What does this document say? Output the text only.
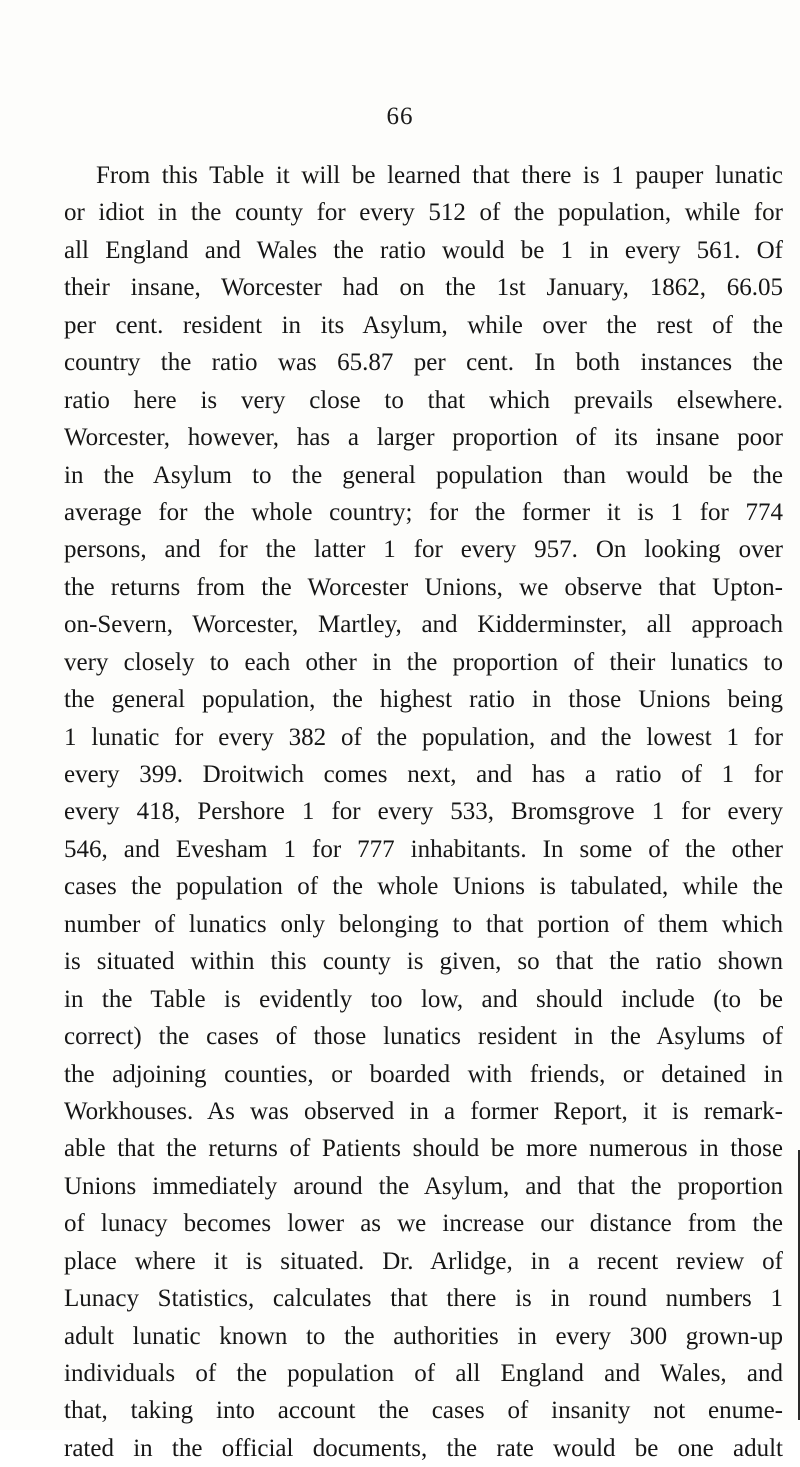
66
From this Table it will be learned that there is 1 pauper lunatic
or idiot in the county for every 512 of the population, while for
all England and Wales the ratio would be 1 in every 561. Of
their insane, Worcester had on the 1st January, 1862, 66.05
per cent. resident in its Asylum, while over the rest of the
country the ratio was 65.87 per cent. In both instances the
ratio here is very close to that which prevails elsewhere.
Worcester, however, has a larger proportion of its insane poor
in the Asylum to the general population than would be the
average for the whole country; for the former it is 1 for 774
persons, and for the latter 1 for every 957. On looking over
the returns from the Worcester Unions, we observe that Upton-
on-Severn, Worcester, Martley, and Kidderminster, all approach
very closely to each other in the proportion of their lunatics to
the general population, the highest ratio in those Unions being
1 lunatic for every 382 of the population, and the lowest 1 for
every 399. Droitwich comes next, and has a ratio of 1 for
every 418, Pershore 1 for every 533, Bromsgrove 1 for every
546, and Evesham 1 for 777 inhabitants. In some of the other
cases the population of the whole Unions is tabulated, while the
number of lunatics only belonging to that portion of them which
is situated within this county is given, so that the ratio shown
in the Table is evidently too low, and should include (to be
correct) the cases of those lunatics resident in the Asylums of
the adjoining counties, or boarded with friends, or detained in
Workhouses. As was observed in a former Report, it is remark-
able that the returns of Patients should be more numerous in those
Unions immediately around the Asylum, and that the proportion
of lunacy becomes lower as we increase our distance from the
place where it is situated. Dr. Arlidge, in a recent review of
Lunacy Statistics, calculates that there is in round numbers 1
adult lunatic known to the authorities in every 300 grown-up
individuals of the population of all England and Wales, and
that, taking into account the cases of insanity not enume-
rated in the official documents, the rate would be one adult
